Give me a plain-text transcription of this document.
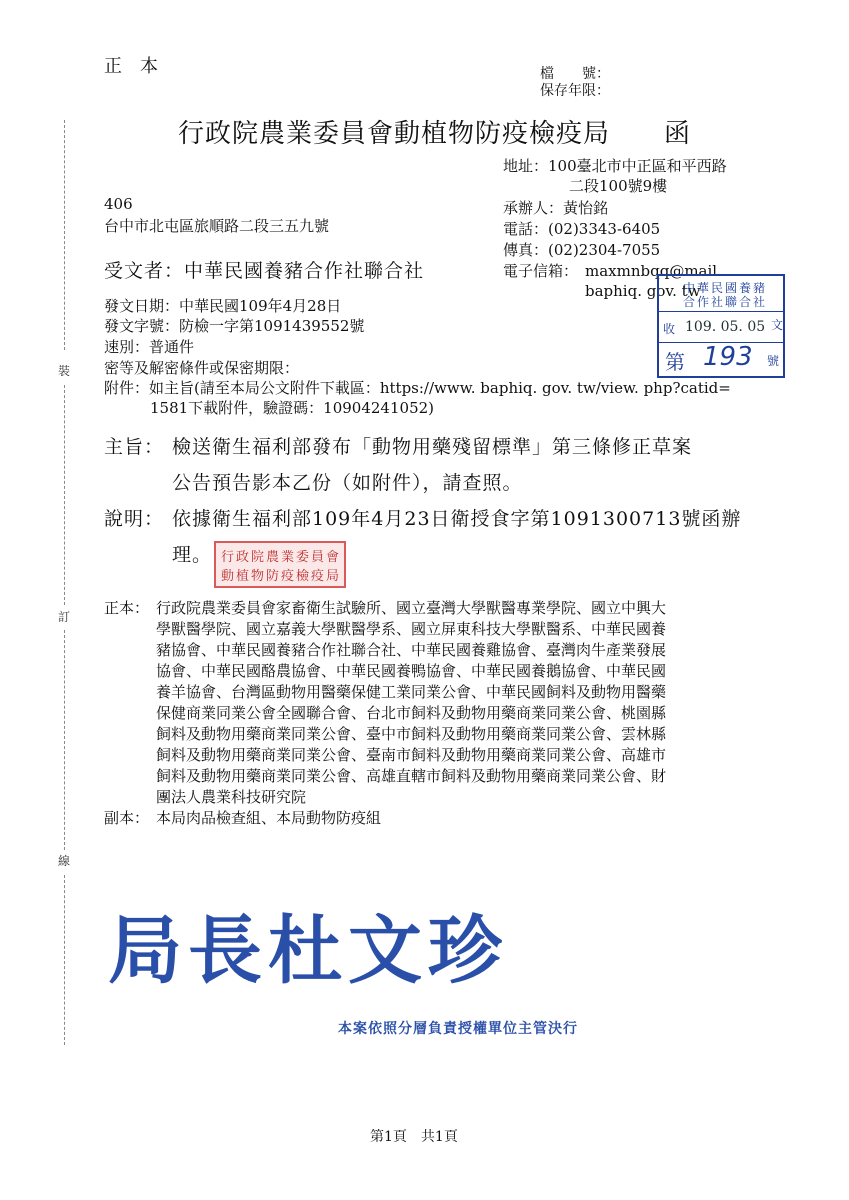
裝
訂
線
正　本	檔　　號：
保存年限：
行政院農業委員會動植物防疫檢疫局　　函
地址：100臺北市中正區和平西路
二段100號9樓
承辦人：黃怡銘
電話：(02)3343-6405
傳真：(02)2304-7055
電子信箱： maxmnbqq@mail.
baphiq. gov. tw
406
台中市北屯區旅順路二段三五九號
中華民國養豬
合作社聯合社
收 109. 05. 05 文
第 193 號
受文者：中華民國養豬合作社聯合社
發文日期：中華民國109年4月28日
發文字號：防檢一字第1091439552號
速別：普通件
密等及解密條件或保密期限：
附件：如主旨(請至本局公文附件下載區：https://www. baphiq. gov. tw/view. php?catid=
1581下載附件，驗證碼：10904241052)
主旨： 檢送衛生福利部發布「動物用藥殘留標準」第三條修正草案
公告預告影本乙份（如附件），請查照。
說明： 依據衛生福利部109年4月23日衛授食字第1091300713號函辦
理。 行政院農業委員會
動植物防疫檢疫局
正本： 行政院農業委員會家畜衛生試驗所、國立臺灣大學獸醫專業學院、國立中興大
學獸醫學院、國立嘉義大學獸醫學系、國立屏東科技大學獸醫系、中華民國養
豬協會、中華民國養豬合作社聯合社、中華民國養雞協會、臺灣肉牛產業發展
協會、中華民國酪農協會、中華民國養鴨協會、中華民國養鵝協會、中華民國
養羊協會、台灣區動物用醫藥保健工業同業公會、中華民國飼料及動物用醫藥
保健商業同業公會全國聯合會、台北市飼料及動物用藥商業同業公會、桃園縣
飼料及動物用藥商業同業公會、臺中市飼料及動物用藥商業同業公會、雲林縣
飼料及動物用藥商業同業公會、臺南市飼料及動物用藥商業同業公會、高雄市
飼料及動物用藥商業同業公會、高雄直轄市飼料及動物用藥商業同業公會、財
團法人農業科技研究院
副本： 本局肉品檢查組、本局動物防疫組
局長杜文珍
本案依照分層負責授權單位主管決行
第1頁　共1頁
